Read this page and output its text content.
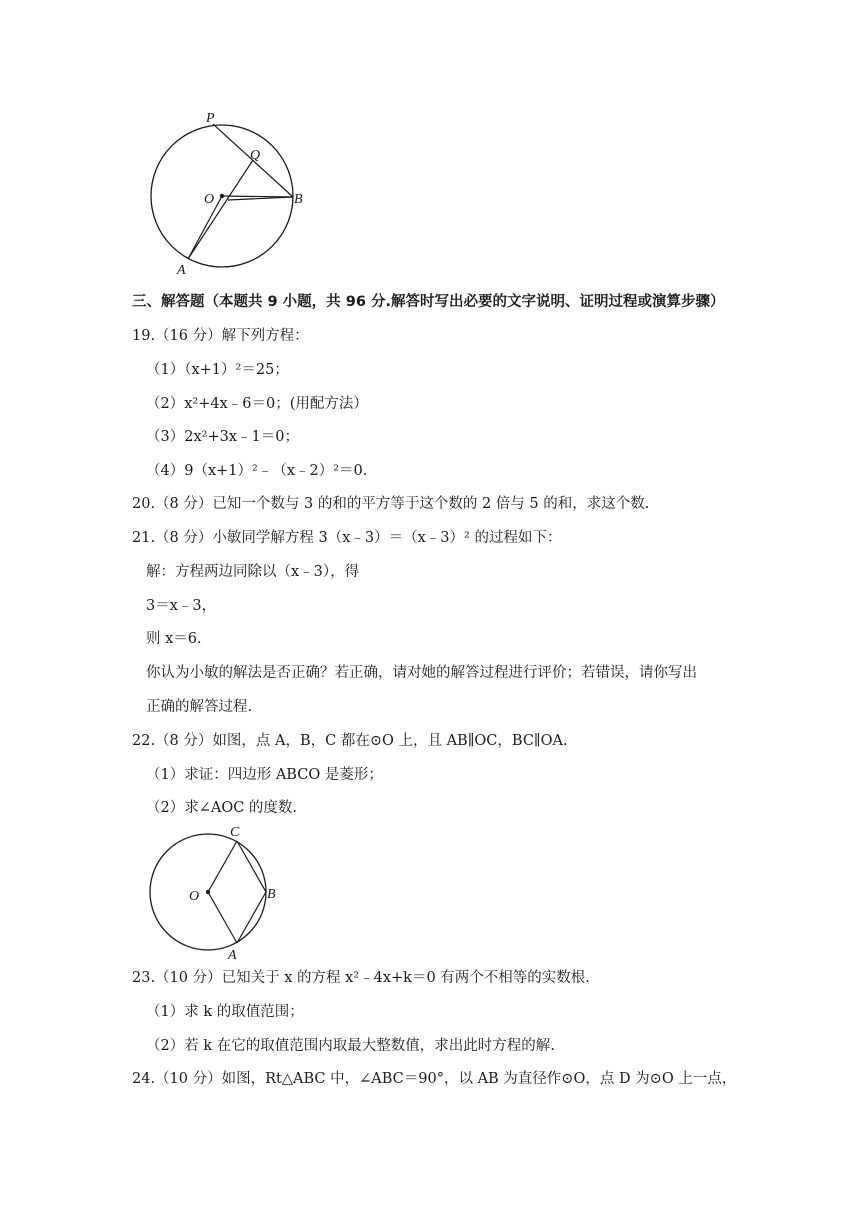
P
Q
O	B
A
三、解答题（本题共 9 小题，共 96 分.解答时写出必要的文字说明、证明过程或演算步骤）
19.（16 分）解下列方程：
（1）（x+1）²＝25；
（2）x²+4x﹣6＝0；(用配方法）
（3）2x²+3x﹣1＝0；
（4）9（x+1）²﹣（x﹣2）²＝0.
20.（8 分）已知一个数与 3 的和的平方等于这个数的 2 倍与 5 的和，求这个数.
21.（8 分）小敏同学解方程 3（x﹣3）＝（x﹣3）² 的过程如下：
解：方程两边同除以（x﹣3），得
3＝x﹣3，
则 x＝6.
你认为小敏的解法是否正确？若正确，请对她的解答过程进行评价；若错误，请你写出
正确的解答过程.
22.（8 分）如图，点 A，B，C 都在⊙O 上，且 AB∥OC，BC∥OA.
（1）求证：四边形 ABCO 是菱形；
（2）求∠AOC 的度数.
C
O	B
A
23.（10 分）已知关于 x 的方程 x²﹣4x+k＝0 有两个不相等的实数根.
（1）求 k 的取值范围；
（2）若 k 在它的取值范围内取最大整数值，求出此时方程的解.
24.（10 分）如图，Rt△ABC 中，∠ABC＝90°，以 AB 为直径作⊙O，点 D 为⊙O 上一点，
